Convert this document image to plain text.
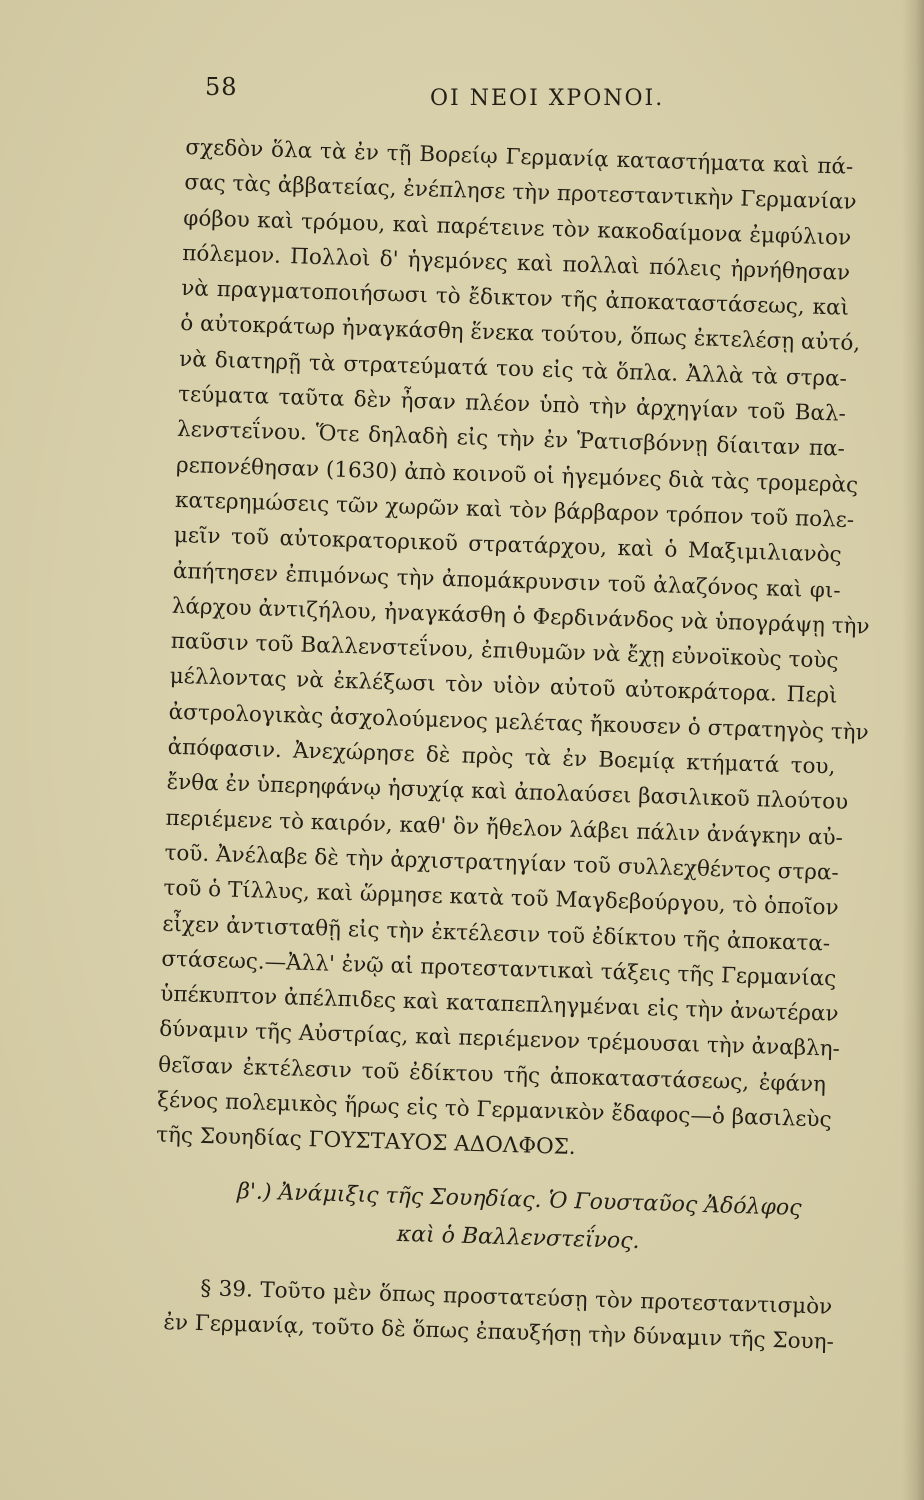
58	ΟΙ ΝΕΟΙ ΧΡΟΝΟΙ.
σχεδὸν ὅλα τὰ ἐν τῇ Βορείῳ Γερμανίᾳ καταστήματα καὶ πά-
σας τὰς ἀββατείας, ἐνέπλησε τὴν προτεσταντικὴν Γερμανίαν
φόβου καὶ τρόμου, καὶ παρέτεινε τὸν κακοδαίμονα ἐμφύλιον
πόλεμον. Πολλοὶ δ' ἡγεμόνες καὶ πολλαὶ πόλεις ἠρνήθησαν
νὰ πραγματοποιήσωσι τὸ ἔδικτον τῆς ἀποκαταστάσεως, καὶ
ὁ αὐτοκράτωρ ἠναγκάσθη ἕνεκα τούτου, ὅπως ἐκτελέσῃ αὐτό,
νὰ διατηρῇ τὰ στρατεύματά του εἰς τὰ ὅπλα. Ἀλλὰ τὰ στρα-
τεύματα ταῦτα δὲν ἦσαν πλέον ὑπὸ τὴν ἀρχηγίαν τοῦ Βαλ-
λενστεΐνου. Ὅτε δηλαδὴ εἰς τὴν ἐν Ῥατισβόννῃ δίαιταν πα-
ρεπονέθησαν (1630) ἀπὸ κοινοῦ οἱ ἡγεμόνες διὰ τὰς τρομερὰς
κατερημώσεις τῶν χωρῶν καὶ τὸν βάρβαρον τρόπον τοῦ πολε-
μεῖν τοῦ αὐτοκρατορικοῦ στρατάρχου, καὶ ὁ Μαξιμιλιανὸς
ἀπήτησεν ἐπιμόνως τὴν ἀπομάκρυνσιν τοῦ ἀλαζόνος καὶ φι-
λάρχου ἀντιζήλου, ἠναγκάσθη ὁ Φερδινάνδος νὰ ὑπογράψῃ τὴν
παῦσιν τοῦ Βαλλενστεΐνου, ἐπιθυμῶν νὰ ἔχῃ εὐνοϊκοὺς τοὺς
μέλλοντας νὰ ἐκλέξωσι τὸν υἱὸν αὐτοῦ αὐτοκράτορα. Περὶ
ἀστρολογικὰς ἀσχολούμενος μελέτας ἤκουσεν ὁ στρατηγὸς τὴν
ἀπόφασιν. Ἀνεχώρησε δὲ πρὸς τὰ ἐν Βοεμίᾳ κτήματά του,
ἔνθα ἐν ὑπερηφάνῳ ἡσυχίᾳ καὶ ἀπολαύσει βασιλικοῦ πλούτου
περιέμενε τὸ καιρόν, καθ' ὃν ἤθελον λάβει πάλιν ἀνάγκην αὐ-
τοῦ. Ἀνέλαβε δὲ τὴν ἀρχιστρατηγίαν τοῦ συλλεχθέντος στρα-
τοῦ ὁ Τίλλυς, καὶ ὥρμησε κατὰ τοῦ Μαγδεβούργου, τὸ ὁποῖον
εἶχεν ἀντισταθῇ εἰς τὴν ἐκτέλεσιν τοῦ ἐδίκτου τῆς ἀποκατα-
στάσεως.—Ἀλλ' ἐνῷ αἱ προτεσταντικαὶ τάξεις τῆς Γερμανίας
ὑπέκυπτον ἀπέλπιδες καὶ καταπεπληγμέναι εἰς τὴν ἀνωτέραν
δύναμιν τῆς Αὐστρίας, καὶ περιέμενον τρέμουσαι τὴν ἀναβλη-
θεῖσαν ἐκτέλεσιν τοῦ ἐδίκτου τῆς ἀποκαταστάσεως, ἐφάνη
ξένος πολεμικὸς ἥρως εἰς τὸ Γερμανικὸν ἔδαφος—ὁ βασιλεὺς
τῆς Σουηδίας ΓΟΥΣΤΑΥΟΣ ΑΔΟΛΦΟΣ.
β'.) Ἀνάμιξις τῆς Σουηδίας. Ὁ Γουσταῦος Ἀδόλφος
καὶ ὁ Βαλλενστεΐνος.
§ 39. Τοῦτο μὲν ὅπως προστατεύσῃ τὸν προτεσταντισμὸν
ἐν Γερμανίᾳ, τοῦτο δὲ ὅπως ἐπαυξήσῃ τὴν δύναμιν τῆς Σουη-
